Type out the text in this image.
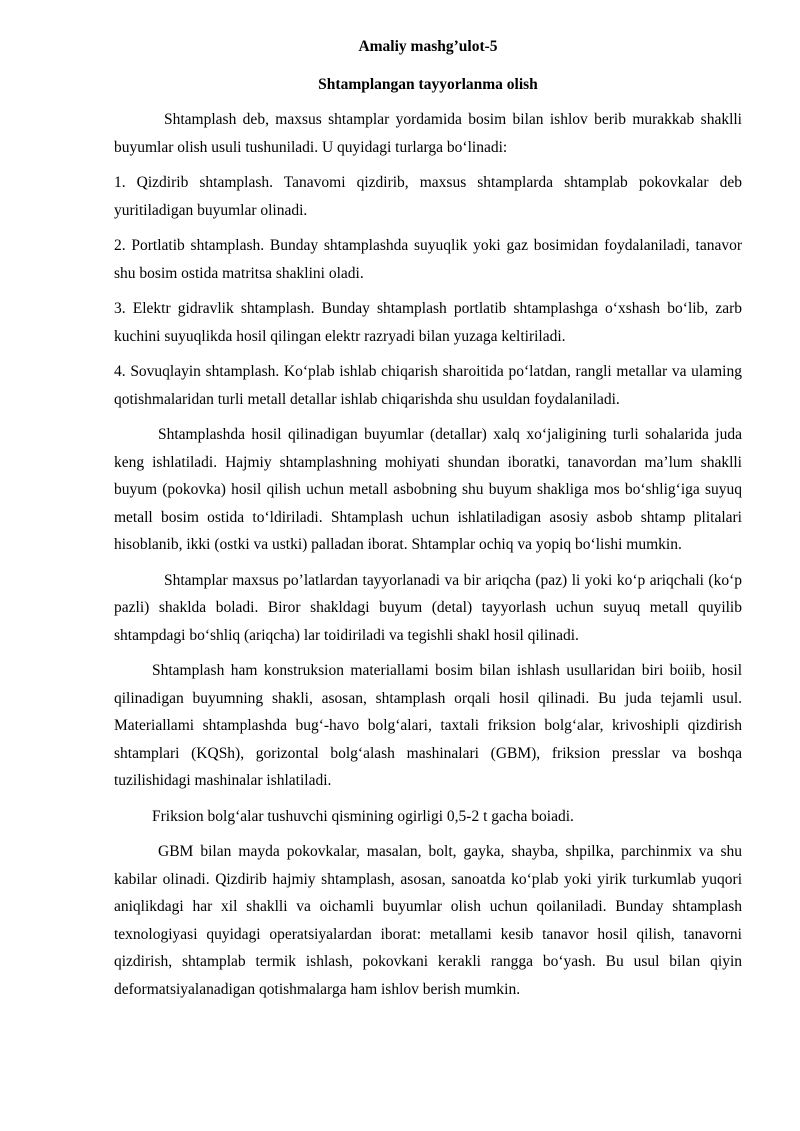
Amaliy mashg’ulot-5
Shtamplangan tayyorlanma olish

Shtamplash deb, maxsus shtamplar yordamida bosim bilan ishlov berib murakkab shaklli buyumlar olish usuli tushuniladi. U quyidagi turlarga bo‘linadi:

1. Qizdirib shtamplash. Tanavomi qizdirib, maxsus shtamplarda shtamplab pokovkalar deb yuritiladigan buyumlar olinadi.

2. Portlatib shtamplash. Bunday shtamplashda suyuqlik yoki gaz bosimidan foydalaniladi, tanavor shu bosim ostida matritsa shaklini oladi.

3. Elektr gidravlik shtamplash. Bunday shtamplash portlatib shtamplashga o‘xshash bo‘lib, zarb kuchini suyuqlikda hosil qilingan elektr razryadi bilan yuzaga keltiriladi.

4. Sovuqlayin shtamplash. Ko‘plab ishlab chiqarish sharoitida po‘latdan, rangli metallar va ulaming qotishmalaridan turli metall detallar ishlab chiqarishda shu usuldan foydalaniladi.

Shtamplashda hosil qilinadigan buyumlar (detallar) xalq xo‘jaligining turli sohalarida juda keng ishlatiladi. Hajmiy shtamplashning mohiyati shundan iboratki, tanavordan ma’lum shaklli buyum (pokovka) hosil qilish uchun metall asbobning shu buyum shakliga mos bo‘shlig‘iga suyuq metall bosim ostida to‘ldiriladi. Shtamplash uchun ishlatiladigan asosiy asbob shtamp plitalari hisoblanib, ikki (ostki va ustki) palladan iborat. Shtamplar ochiq va yopiq bo‘lishi mumkin.

Shtamplar maxsus po’latlardan tayyorlanadi va bir ariqcha (paz) li yoki ko‘p ariqchali (ko‘p pazli) shaklda boladi. Biror shakldagi buyum (detal) tayyorlash uchun suyuq metall quyilib shtampdagi bo‘shliq (ariqcha) lar toidiriladi va tegishli shakl hosil qilinadi.

Shtamplash ham konstruksion materiallami bosim bilan ishlash usullaridan biri boiib, hosil qilinadigan buyumning shakli, asosan, shtamplash orqali hosil qilinadi. Bu juda tejamli usul. Materiallami shtamplashda bug‘-havo bolg‘alari, taxtali friksion bolg‘alar, krivoshipli qizdirish shtamplari (KQSh), gorizontal bolg‘alash mashinalari (GBM), friksion presslar va boshqa tuzilishidagi mashinalar ishlatiladi.

Friksion bolg‘alar tushuvchi qismining ogirligi 0,5-2 t gacha boiadi.

GBM bilan mayda pokovkalar, masalan, bolt, gayka, shayba, shpilka, parchinmix va shu kabilar olinadi. Qizdirib hajmiy shtamplash, asosan, sanoatda ko‘plab yoki yirik turkumlab yuqori aniqlikdagi har xil shaklli va oichamli buyumlar olish uchun qoilaniladi. Bunday shtamplash texnologiyasi quyidagi operatsiyalardan iborat: metallami kesib tanavor hosil qilish, tanavorni qizdirish, shtamplab termik ishlash, pokovkani kerakli rangga bo‘yash. Bu usul bilan qiyin deformatsiyalanadigan qotishmalarga ham ishlov berish mumkin.
